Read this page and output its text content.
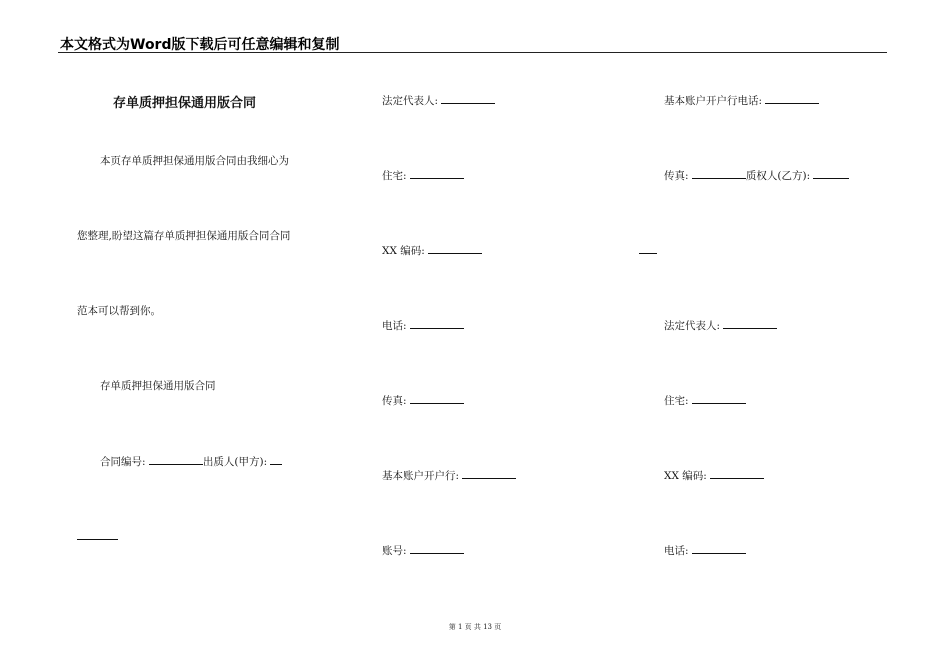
本文格式为Word版下载后可任意编辑和复制
存单质押担保通用版合同
本页存单质押担保通用版合同由我细心为
您整理,盼望这篇存单质押担保通用版合同合同
范本可以帮到你。
存单质押担保通用版合同
合同编号:	出质人(甲方):
法定代表人:
住宅:
XX 编码:
电话:
传真:
基本账户开户行:
账号:
基本账户开户行电话:
传真:	质权人(乙方):
法定代表人:
住宅:
XX 编码:
电话:
第 1 页 共 13 页
